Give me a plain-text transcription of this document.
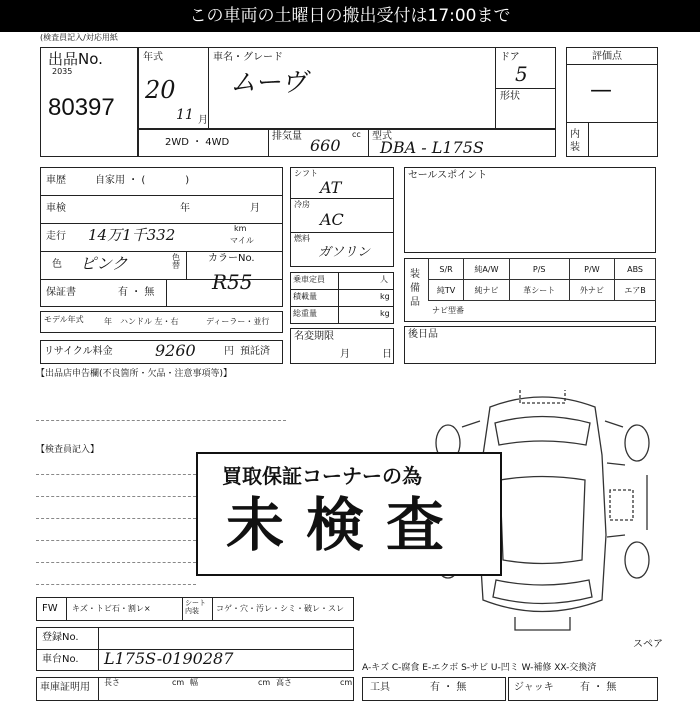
この車両の土曜日の搬出受付は17:00まで
(検査員記入/対応用紙
出品No.
2035
80397
年式
20
11 月
車名・グレード
ムーヴ
ドア
5
形状
評価点
—
内装
2WD ・ 4WD
排気量 660
cc 型式
DBA - L175S
車歴	自家用 ・ (　　　　)
車検	年	月
走行 14万1千332	km
マイル
色 ピンク	色替
カラーNo.
R55
保証書	有 ・ 無
モデル年式	年 ハンドル 左・右	ディーラー・並行
リサイクル料金	9260	円 預託済
シフト
AT
冷房
AC
燃料
ガソリン
乗車定員	人
積載量	kg
総重量	kg
名変期限
月	日
セールスポイント
装備品
S/R	純A/W	P/S	P/W	ABS
純TV	純ナビ	革シート	外ナビ	エアB
ナビ型番
後日品
【出品店申告欄(不良箇所・欠品・注意事項等)】
【検査員記入】
スペア
買取保証コーナーの為
未検査
FW キズ・トビ石・割レ×
シート内装	コゲ・穴・汚レ・シミ・破レ・スレ
登録No.
車台No. L175S-0190287	A-キズ C-腐食 E-エクボ S-サビ U-凹ミ W-補修 XX-交換済
車庫証明用 長さ	cm 幅	cm 高さ	cm 工具	有 ・ 無	ジャッキ	有 ・ 無
